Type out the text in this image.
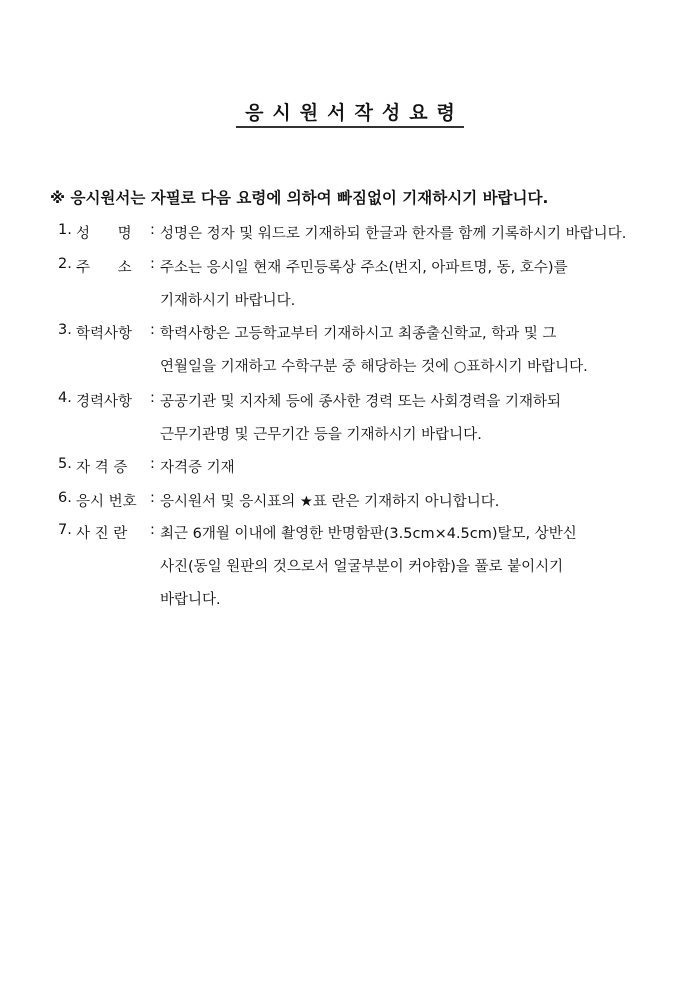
응시원서작성요령
※ 응시원서는 자필로 다음 요령에 의하여 빠짐없이 기재하시기 바랍니다.
1. 성      명	: 성명은 정자 및 워드로 기재하되 한글과 한자를 함께 기록하시기 바랍니다.
2. 주      소	: 주소는 응시일 현재 주민등록상 주소(번지, 아파트명, 동, 호수)를
기재하시기 바랍니다.
3. 학력사항	: 학력사항은 고등학교부터 기재하시고 최종출신학교, 학과 및 그
연월일을 기재하고 수학구분 중 해당하는 것에 ○표하시기 바랍니다.
4. 경력사항	: 공공기관 및 지자체 등에 종사한 경력 또는 사회경력을 기재하되
근무기관명 및 근무기간 등을 기재하시기 바랍니다.
5. 자 격 증	: 자격증 기재
6. 응시 번호 : 응시원서 및 응시표의 ★표 란은 기재하지 아니합니다.
7. 사 진 란	: 최근 6개월 이내에 촬영한 반명함판(3.5cm×4.5cm)탈모, 상반신
사진(동일 원판의 것으로서 얼굴부분이 커야함)을 풀로 붙이시기
바랍니다.
